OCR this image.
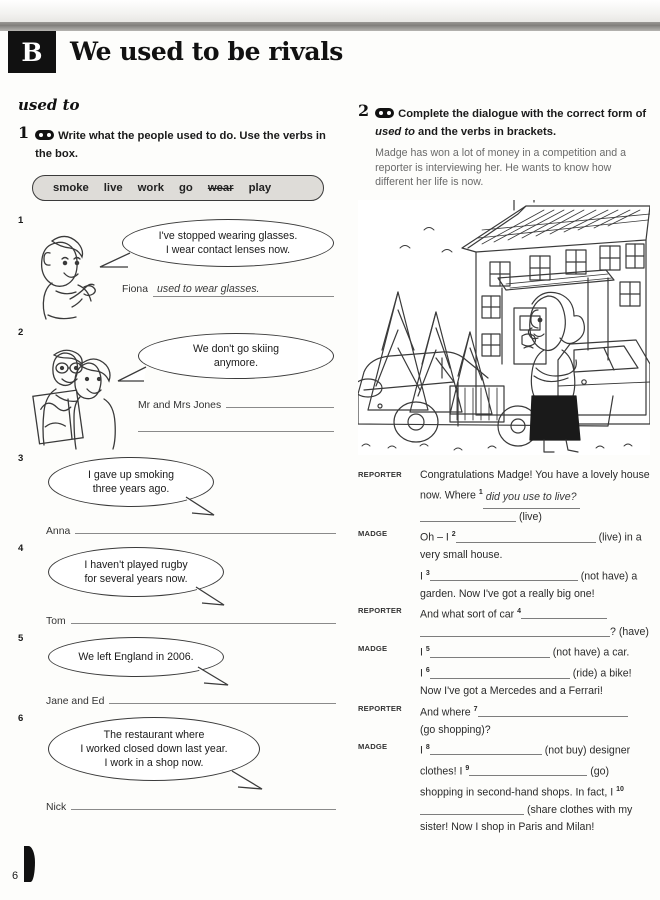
B We used to be rivals
used to
1	Write what the people used to do. Use the verbs in the box.
smoke live work go wear play
1
I've stopped wearing glasses.
I wear contact lenses now.
Fiona used to wear glasses.
2
We don't go skiing
anymore.
Mr and Mrs Jones
3
I gave up smoking
three years ago.
Anna
4
I haven't played rugby
for several years now.
Tom
5
We left England in 2006.
Jane and Ed
6
The restaurant where
I worked closed down last year.
I work in a shop now.
Nick
2	Complete the dialogue with the correct form of used to and the verbs in brackets.
Madge has won a lot of money in a competition and a reporter is interviewing her. He wants to know how different her life is now.
REPORTER	Congratulations Madge! You have a lovely house now. Where $^1$ did you use to live? (live)
MADGE	Oh – I $^2$	(live) in a very small house.
I $^3$	(not have) a garden. Now I've got a really big one!
REPORTER	And what sort of car $^4$
? (have)
MADGE	I $^5$	(not have) a car.
I $^6$	(ride) a bike!
Now I've got a Mercedes and a Ferrari!
REPORTER	And where $^7$
(go shopping)?
MADGE	I $^8$	(not buy) designer clothes! I $^9$	(go) shopping in second-hand shops. In fact, I $^{10}$ (share clothes with my sister! Now I shop in Paris and Milan!
6
